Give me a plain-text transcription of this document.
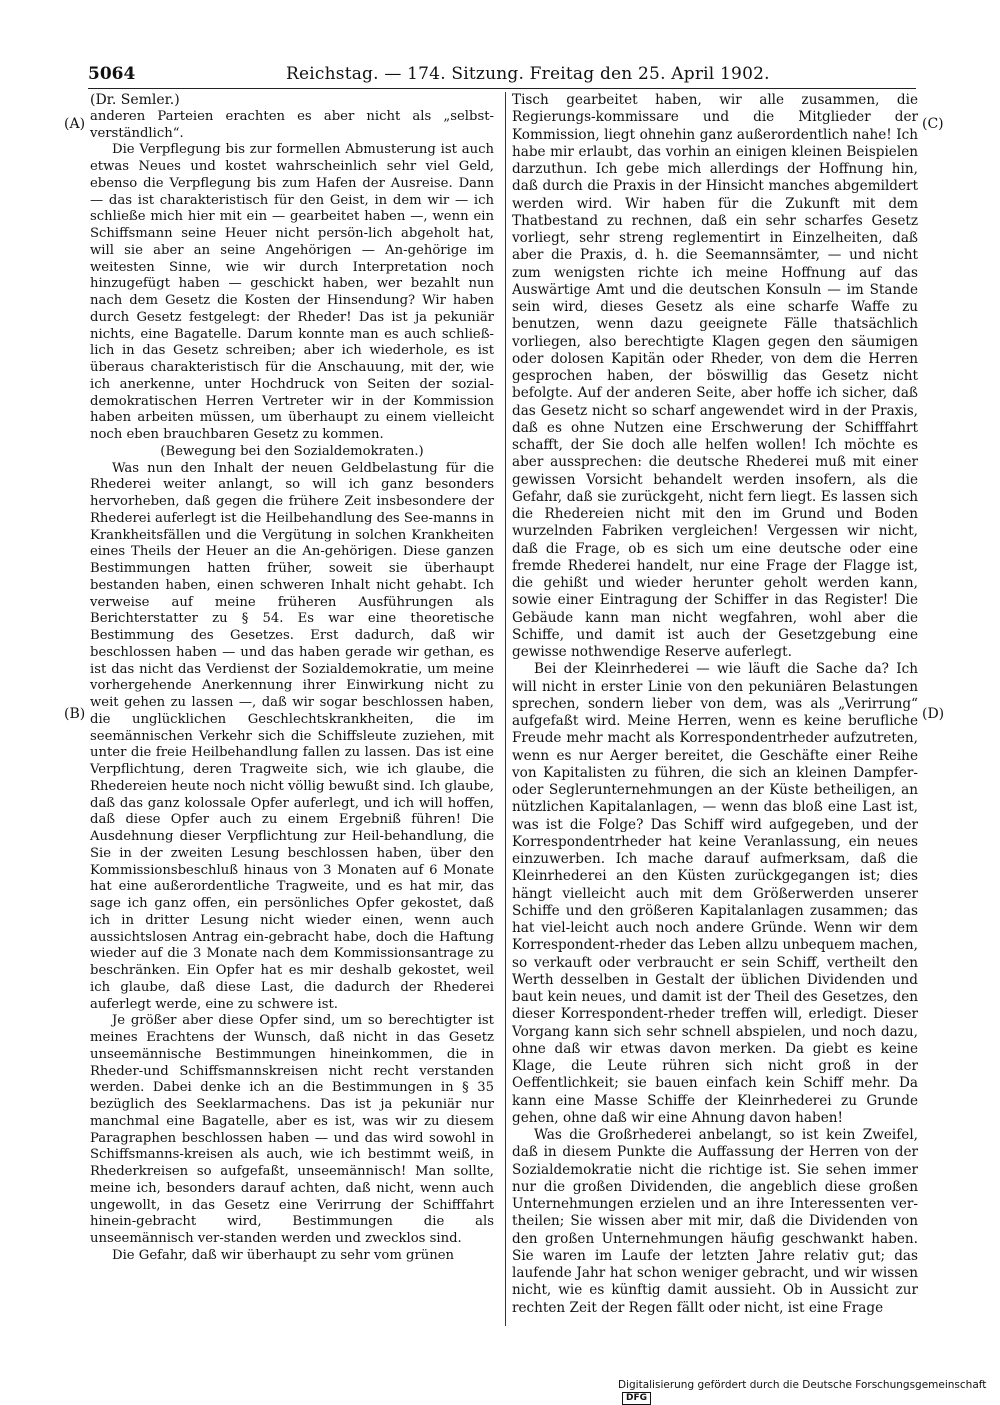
5064	Reichstag. — 174. Sitzung. Freitag den 25. April 1902.
(A)
(B)
(C)
(D)

(Dr. Semler.)

anderen Parteien erachten es aber nicht als „selbst-verständlich“.

Die Verpflegung bis zur formellen Abmusterung ist auch etwas Neues und kostet wahrscheinlich sehr viel Geld, ebenso die Verpflegung bis zum Hafen der Ausreise. Dann — das ist charakteristisch für den Geist, in dem wir — ich schließe mich hier mit ein — gearbeitet haben —, wenn ein Schiffsmann seine Heuer nicht persön-lich abgeholt hat, will sie aber an seine Angehörigen — An-gehörige im weitesten Sinne, wie wir durch Interpretation noch hinzugefügt haben — geschickt haben, wer bezahlt nun nach dem Gesetz die Kosten der Hinsendung? Wir haben durch Gesetz festgelegt: der Rheder! Das ist ja pekuniär nichts, eine Bagatelle. Darum konnte man es auch schließ-lich in das Gesetz schreiben; aber ich wiederhole, es ist überaus charakteristisch für die Anschauung, mit der, wie ich anerkenne, unter Hochdruck von Seiten der sozial-demokratischen Herren Vertreter wir in der Kommission haben arbeiten müssen, um überhaupt zu einem vielleicht noch eben brauchbaren Gesetz zu kommen.

(Bewegung bei den Sozialdemokraten.)

Was nun den Inhalt der neuen Geldbelastung für die Rhederei weiter anlangt, so will ich ganz besonders hervorheben, daß gegen die frühere Zeit insbesondere der Rhederei auferlegt ist die Heilbehandlung des See-manns in Krankheitsfällen und die Vergütung in solchen Krankheiten eines Theils der Heuer an die An-gehörigen. Diese ganzen Bestimmungen hatten früher, soweit sie überhaupt bestanden haben, einen schweren Inhalt nicht gehabt. Ich verweise auf meine früheren Ausführungen als Berichterstatter zu § 54. Es war eine theoretische Bestimmung des Gesetzes. Erst dadurch, daß wir beschlossen haben — und das haben gerade wir gethan, es ist das nicht das Verdienst der Sozialdemokratie, um meine vorhergehende Anerkennung ihrer Einwirkung nicht zu weit gehen zu lassen —, daß wir sogar beschlossen haben, die unglücklichen Geschlechtskrankheiten, die im seemännischen Verkehr sich die Schiffsleute zuziehen, mit unter die freie Heilbehandlung fallen zu lassen. Das ist eine Verpflichtung, deren Tragweite sich, wie ich glaube, die Rhedereien heute noch nicht völlig bewußt sind. Ich glaube, daß das ganz kolossale Opfer auferlegt, und ich will hoffen, daß diese Opfer auch zu einem Ergebniß führen! Die Ausdehnung dieser Verpflichtung zur Heil-behandlung, die Sie in der zweiten Lesung beschlossen haben, über den Kommissionsbeschluß hinaus von 3 Monaten auf 6 Monate hat eine außerordentliche Tragweite, und es hat mir, das sage ich ganz offen, ein persönliches Opfer gekostet, daß ich in dritter Lesung nicht wieder einen, wenn auch aussichtslosen Antrag ein-gebracht habe, doch die Haftung wieder auf die 3 Monate nach dem Kommissionsantrage zu beschränken. Ein Opfer hat es mir deshalb gekostet, weil ich glaube, daß diese Last, die dadurch der Rhederei auferlegt werde, eine zu schwere ist.

Je größer aber diese Opfer sind, um so berechtigter ist meines Erachtens der Wunsch, daß nicht in das Gesetz unseemännische Bestimmungen hineinkommen, die in Rheder-und Schiffsmannskreisen nicht recht verstanden werden. Dabei denke ich an die Bestimmungen in § 35 bezüglich des Seeklarmachens. Das ist ja pekuniär nur manchmal eine Bagatelle, aber es ist, was wir zu diesem Paragraphen beschlossen haben — und das wird sowohl in Schiffsmanns-kreisen als auch, wie ich bestimmt weiß, in Rhederkreisen so aufgefaßt, unseemännisch! Man sollte, meine ich, besonders darauf achten, daß nicht, wenn auch ungewollt, in das Gesetz eine Verirrung der Schifffahrt hinein-gebracht wird, Bestimmungen die als unseemännisch ver-standen werden und zwecklos sind.

Die Gefahr, daß wir überhaupt zu sehr vom grünen

Tisch gearbeitet haben, wir alle zusammen, die Regierungs-kommissare und die Mitglieder der Kommission, liegt ohnehin ganz außerordentlich nahe! Ich habe mir erlaubt, das vorhin an einigen kleinen Beispielen darzuthun. Ich gebe mich allerdings der Hoffnung hin, daß durch die Praxis in der Hinsicht manches abgemildert werden wird. Wir haben für die Zukunft mit dem Thatbestand zu rechnen, daß ein sehr scharfes Gesetz vorliegt, sehr streng reglementirt in Einzelheiten, daß aber die Praxis, d. h. die Seemannsämter, — und nicht zum wenigsten richte ich meine Hoffnung auf das Auswärtige Amt und die deutschen Konsuln — im Stande sein wird, dieses Gesetz als eine scharfe Waffe zu benutzen, wenn dazu geeignete Fälle thatsächlich vorliegen, also berechtigte Klagen gegen den säumigen oder dolosen Kapitän oder Rheder, von dem die Herren gesprochen haben, der böswillig das Gesetz nicht befolgte. Auf der anderen Seite, aber hoffe ich sicher, daß das Gesetz nicht so scharf angewendet wird in der Praxis, daß es ohne Nutzen eine Erschwerung der Schifffahrt schafft, der Sie doch alle helfen wollen! Ich möchte es aber aussprechen: die deutsche Rhederei muß mit einer gewissen Vorsicht behandelt werden insofern, als die Gefahr, daß sie zurückgeht, nicht fern liegt. Es lassen sich die Rhedereien nicht mit den im Grund und Boden wurzelnden Fabriken vergleichen! Vergessen wir nicht, daß die Frage, ob es sich um eine deutsche oder eine fremde Rhederei handelt, nur eine Frage der Flagge ist, die gehißt und wieder herunter geholt werden kann, sowie einer Eintragung der Schiffer in das Register! Die Gebäude kann man nicht wegfahren, wohl aber die Schiffe, und damit ist auch der Gesetzgebung eine gewisse nothwendige Reserve auferlegt.

Bei der Kleinrhederei — wie läuft die Sache da? Ich will nicht in erster Linie von den pekuniären Belastungen sprechen, sondern lieber von dem, was als „Verirrung“ aufgefaßt wird. Meine Herren, wenn es keine berufliche Freude mehr macht als Korrespondentrheder aufzutreten, wenn es nur Aerger bereitet, die Geschäfte einer Reihe von Kapitalisten zu führen, die sich an kleinen Dampfer- oder Seglerunternehmungen an der Küste betheiligen, an nützlichen Kapitalanlagen, — wenn das bloß eine Last ist, was ist die Folge? Das Schiff wird aufgegeben, und der Korrespondentrheder hat keine Veranlassung, ein neues einzuwerben. Ich mache darauf aufmerksam, daß die Kleinrhederei an den Küsten zurückgegangen ist; dies hängt vielleicht auch mit dem Größerwerden unserer Schiffe und den größeren Kapitalanlagen zusammen; das hat viel-leicht auch noch andere Gründe. Wenn wir dem Korrespondent-rheder das Leben allzu unbequem machen, so verkauft oder verbraucht er sein Schiff, vertheilt den Werth desselben in Gestalt der üblichen Dividenden und baut kein neues, und damit ist der Theil des Gesetzes, den dieser Korrespondent-rheder treffen will, erledigt. Dieser Vorgang kann sich sehr schnell abspielen, und noch dazu, ohne daß wir etwas davon merken. Da giebt es keine Klage, die Leute rühren sich nicht groß in der Oeffentlichkeit; sie bauen einfach kein Schiff mehr. Da kann eine Masse Schiffe der Kleinrhederei zu Grunde gehen, ohne daß wir eine Ahnung davon haben!

Was die Großrhederei anbelangt, so ist kein Zweifel, daß in diesem Punkte die Auffassung der Herren von der Sozialdemokratie nicht die richtige ist. Sie sehen immer nur die großen Dividenden, die angeblich diese großen Unternehmungen erzielen und an ihre Interessenten ver-theilen; Sie wissen aber mit mir, daß die Dividenden von den großen Unternehmungen häufig geschwankt haben. Sie waren im Laufe der letzten Jahre relativ gut; das laufende Jahr hat schon weniger gebracht, und wir wissen nicht, wie es künftig damit aussieht. Ob in Aussicht zur rechten Zeit der Regen fällt oder nicht, ist eine Frage

Digitalisierung gefördert durch die Deutsche Forschungsgemeinschaft DFG
